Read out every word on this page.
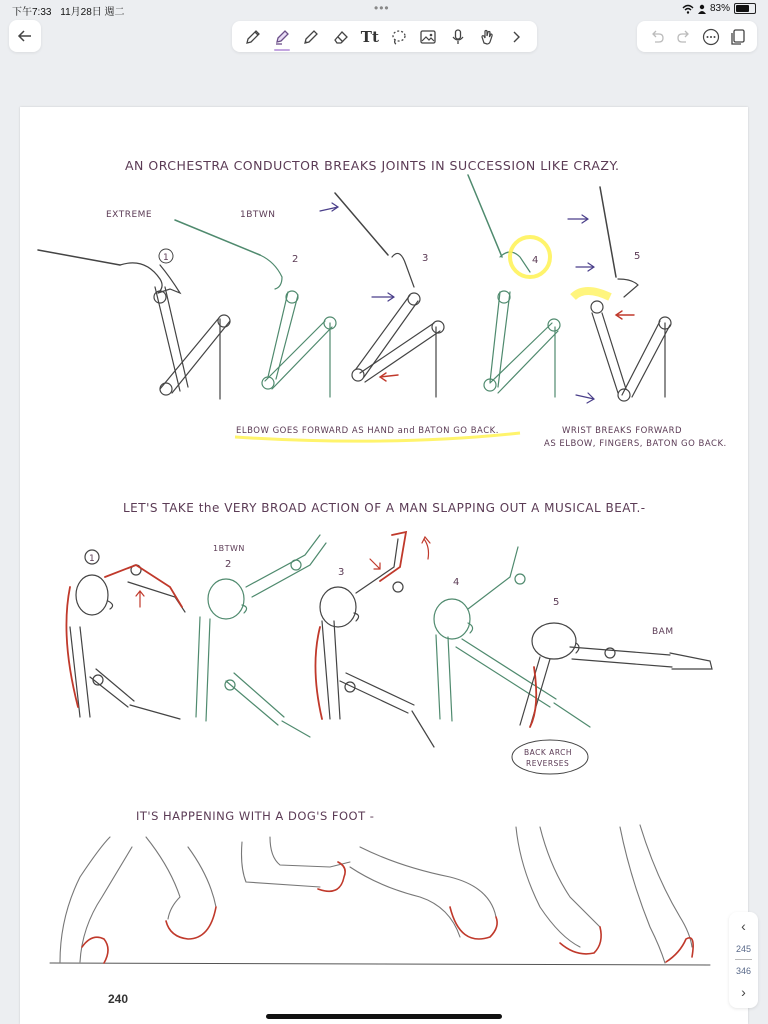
下午7:33 11月28日 週二	•••	83%
Tt
AN ORCHESTRA CONDUCTOR BREAKS JOINTS IN SUCCESSION LIKE CRAZY.
EXTREME	1BTWN
1	2	3	4	5
ELBOW GOES FORWARD AS HAND and BATON GO BACK.	WRIST BREAKS FORWARD
AS ELBOW, FINGERS, BATON GO BACK.
LET'S TAKE the VERY BROAD ACTION OF A MAN SLAPPING OUT A MUSICAL BEAT.-
1BTWN
1	2
3
4
5
BAM
BACK ARCH
REVERSES
IT'S HAPPENING WITH A DOG'S FOOT -
240
‹
245
346
›
